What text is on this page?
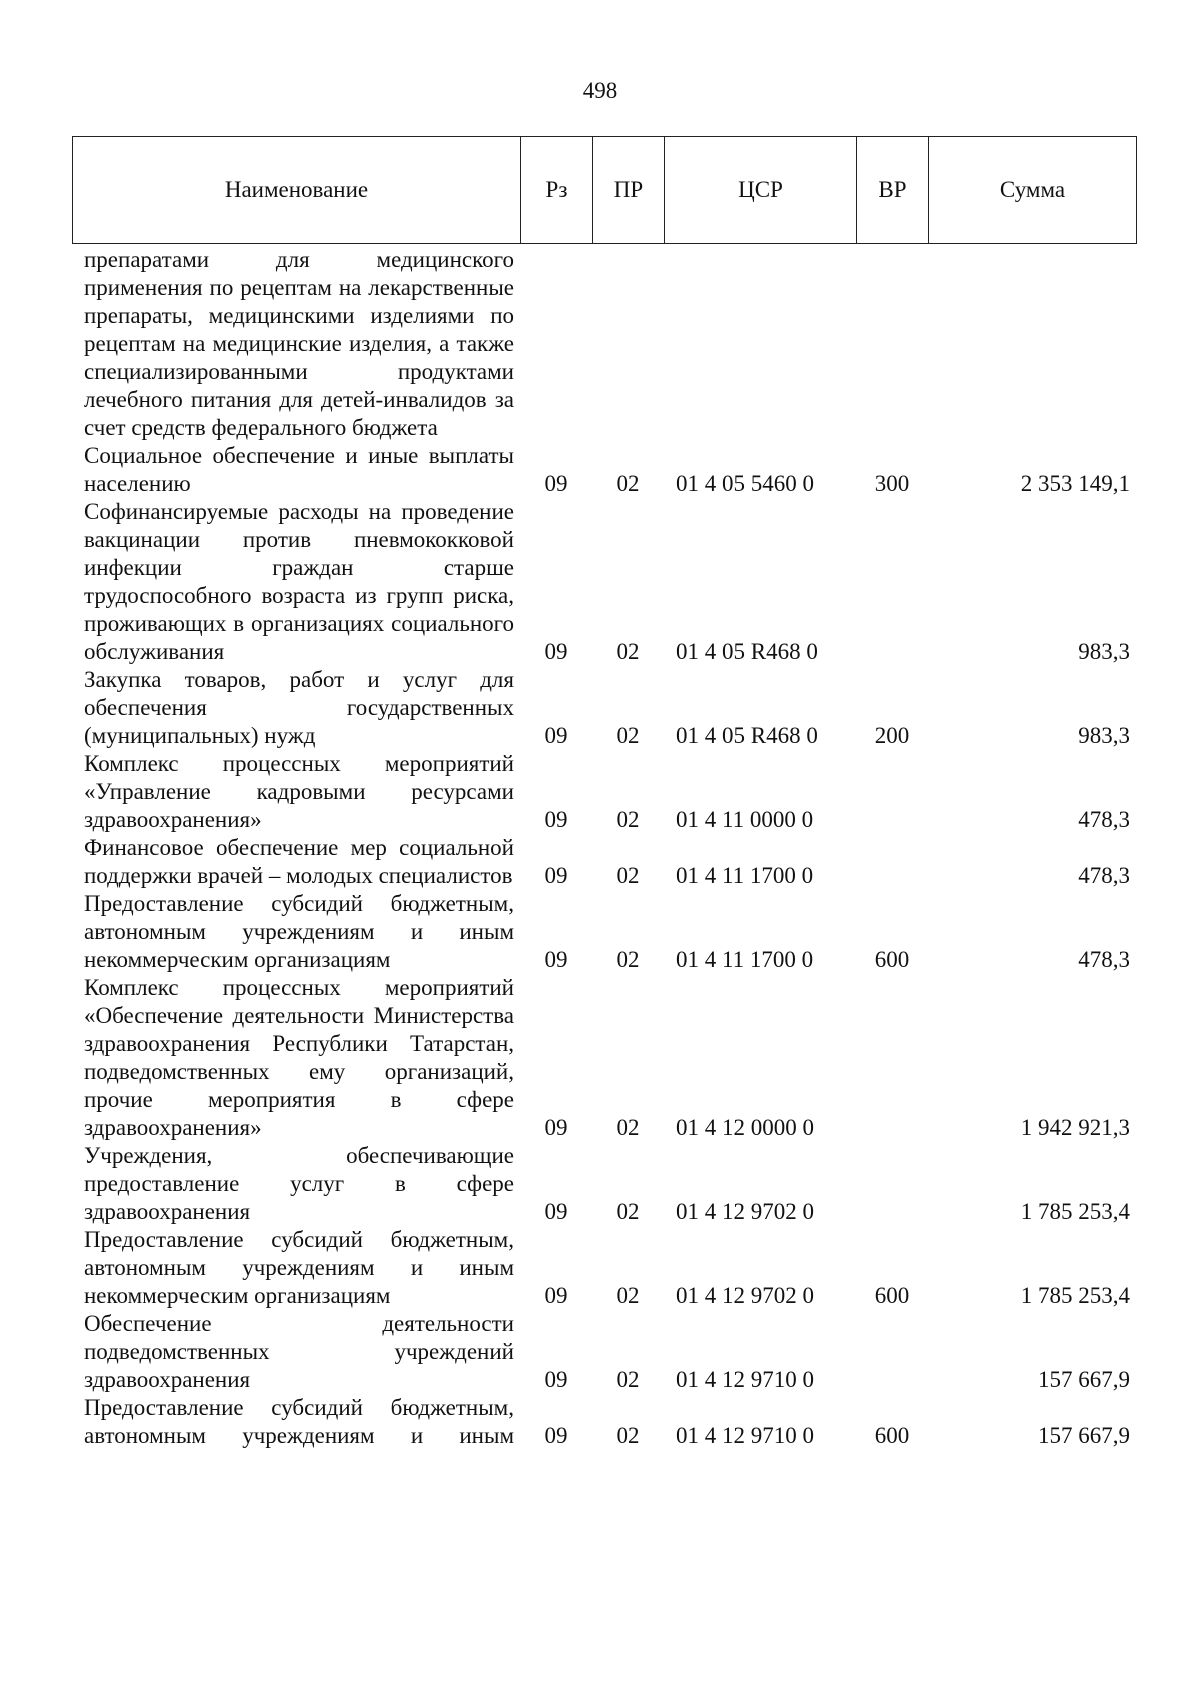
498
Наименование	Рз	ПР	ЦСР	ВР	Сумма
препаратами для медицинского применения по рецептам на лекарственные препараты, медицинскими изделиями по рецептам на медицинские изделия, а также специализированными продуктами лечебного питания для детей-инвалидов за счет средств федерального бюджета					
Социальное обеспечение и иные выплаты населению	09	02	01 4 05 5460 0	300	2 353 149,1
Софинансируемые расходы на проведение вакцинации против пневмококковой инфекции граждан старше трудоспособного возраста из групп риска, проживающих в организациях социального обслуживания	09	02	01 4 05 R468 0		983,3
Закупка товаров, работ и услуг для обеспечения государственных (муниципальных) нужд	09	02	01 4 05 R468 0	200	983,3
Комплекс процессных мероприятий «Управление кадровыми ресурсами здравоохранения»	09	02	01 4 11 0000 0		478,3
Финансовое обеспечение мер социальной поддержки врачей – молодых специалистов	09	02	01 4 11 1700 0		478,3
Предоставление субсидий бюджетным, автономным учреждениям и иным некоммерческим организациям	09	02	01 4 11 1700 0	600	478,3
Комплекс процессных мероприятий «Обеспечение деятельности Министерства здравоохранения Республики Татарстан, подведомственных ему организаций, прочие мероприятия в сфере здравоохранения»	09	02	01 4 12 0000 0		1 942 921,3
Учреждения, обеспечивающие предоставление услуг в сфере здравоохранения	09	02	01 4 12 9702 0		1 785 253,4
Предоставление субсидий бюджетным, автономным учреждениям и иным некоммерческим организациям	09	02	01 4 12 9702 0	600	1 785 253,4
Обеспечение деятельности подведомственных учреждений здравоохранения	09	02	01 4 12 9710 0		157 667,9
Предоставление субсидий бюджетным, автономным учреждениям и иным	09	02	01 4 12 9710 0	600	157 667,9
